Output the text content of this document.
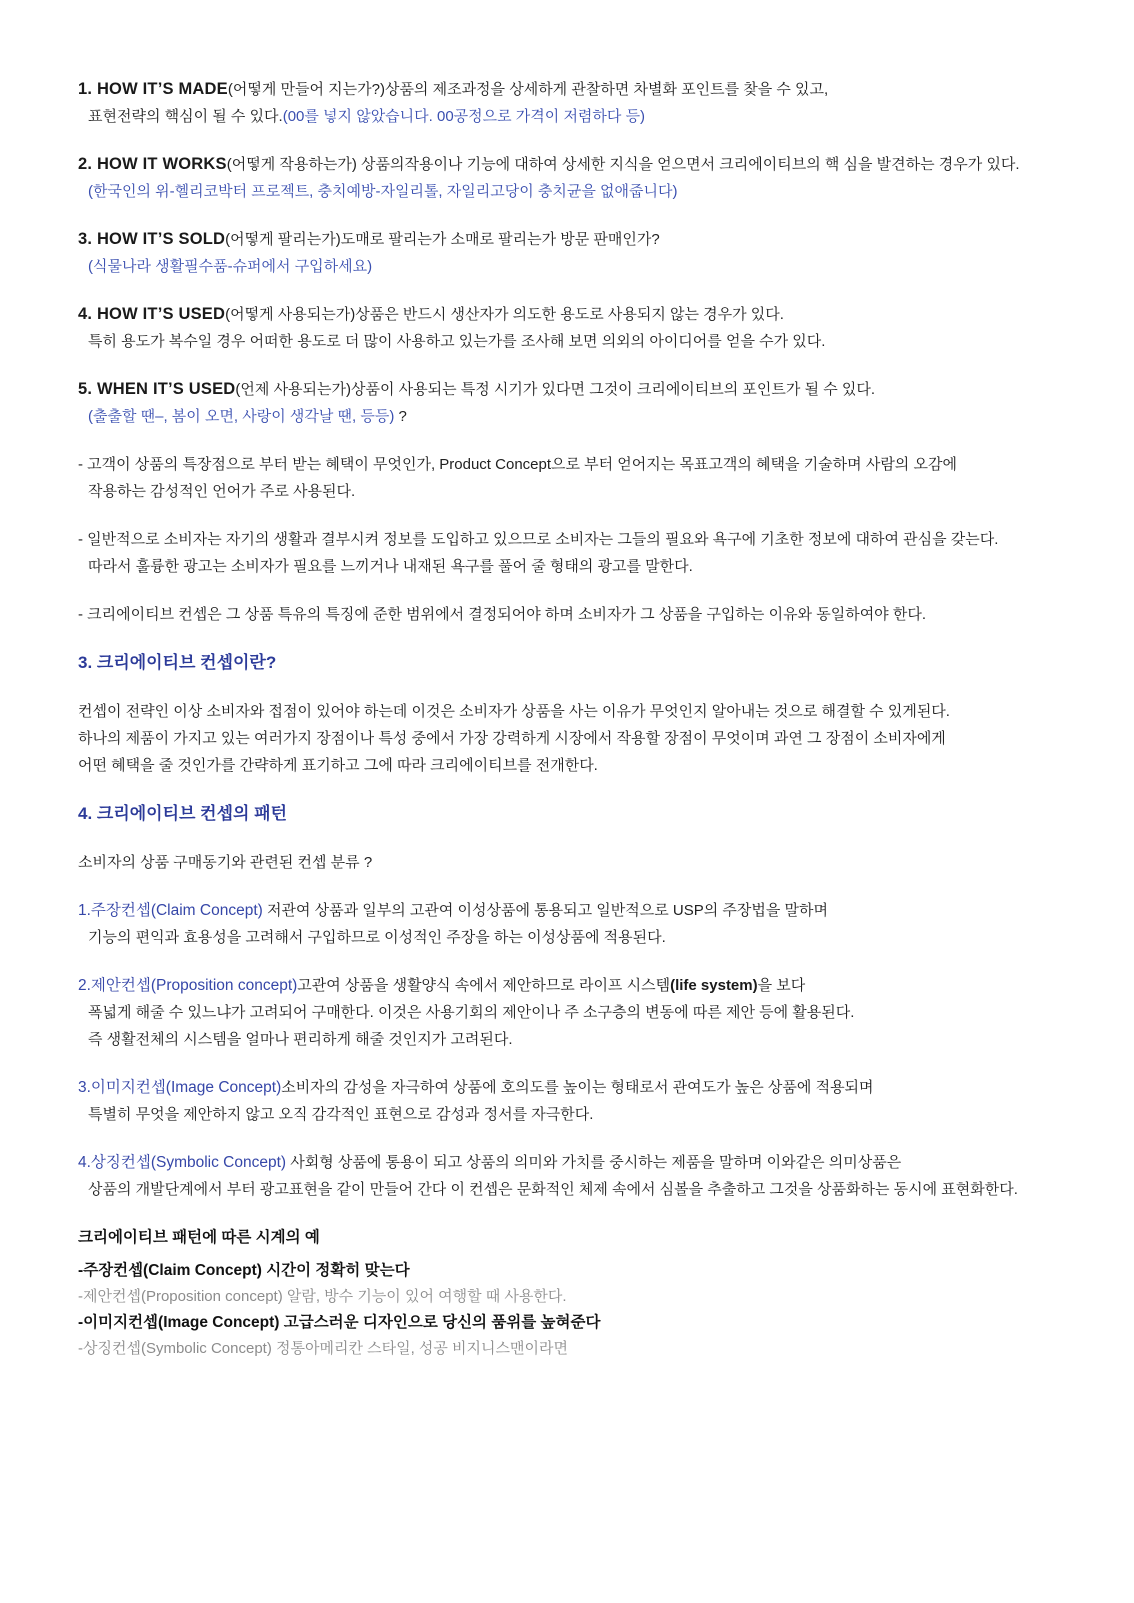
1. HOW IT’S MADE(어떻게 만들어 지는가?)상품의 제조과정을 상세하게 관찰하면 차별화 포인트를 찾을 수 있고,
표현전략의 핵심이 될 수 있다.(00를 넣지 않았습니다. 00공정으로 가격이 저렴하다 등)
2. HOW IT WORKS(어떻게 작용하는가) 상품의작용이나 기능에 대하여 상세한 지식을 얻으면서 크리에이티브의 핵 심을 발견하는 경우가 있다.
(한국인의 위-헬리코박터 프로젝트, 충치예방-자일리톨, 자일리고당이 충치균을 없애줍니다)
3. HOW IT’S SOLD(어떻게 팔리는가)도매로 팔리는가 소매로 팔리는가 방문 판매인가?
(식물나라 생활필수품-슈퍼에서 구입하세요)
4. HOW IT’S USED(어떻게 사용되는가)상품은 반드시 생산자가 의도한 용도로 사용되지 않는 경우가 있다.
특히 용도가 복수일 경우 어떠한 용도로 더 많이 사용하고 있는가를 조사해 보면 의외의 아이디어를 얻을 수가 있다.
5. WHEN IT’S USED(언제 사용되는가)상품이 사용되는 특정 시기가 있다면 그것이 크리에이티브의 포인트가 될 수 있다.
(출출할 땐–, 봄이 오면, 사랑이 생각날 땐, 등등) ?
- 고객이 상품의 특장점으로 부터 받는 혜택이 무엇인가, Product Concept으로 부터 얻어지는 목표고객의 혜택을 기술하며 사람의 오감에
작용하는 감성적인 언어가 주로 사용된다.
- 일반적으로 소비자는 자기의 생활과 결부시켜 정보를 도입하고 있으므로 소비자는 그들의 필요와 욕구에 기초한 정보에 대하여 관심을 갖는다.
따라서 훌륭한 광고는 소비자가 필요를 느끼거나 내재된 욕구를 풀어 줄 형태의 광고를 말한다.
- 크리에이티브 컨셉은 그 상품 특유의 특징에 준한 범위에서 결정되어야 하며 소비자가 그 상품을 구입하는 이유와 동일하여야 한다.
3. 크리에이티브 컨셉이란?
컨셉이 전략인 이상 소비자와 접점이 있어야 하는데 이것은 소비자가 상품을 사는 이유가 무엇인지 알아내는 것으로 해결할 수 있게된다.
하나의 제품이 가지고 있는 여러가지 장점이나 특성 중에서 가장 강력하게 시장에서 작용할 장점이 무엇이며 과연 그 장점이 소비자에게
어떤 혜택을 줄 것인가를 간략하게 표기하고 그에 따라 크리에이티브를 전개한다.
4. 크리에이티브 컨셉의 패턴
소비자의 상품 구매동기와 관련된 컨셉 분류 ?
1.주장컨셉(Claim Concept) 저관여 상품과 일부의 고관여 이성상품에 통용되고 일반적으로 USP의 주장법을 말하며
기능의 편익과 효용성을 고려해서 구입하므로 이성적인 주장을 하는 이성상품에 적용된다.
2.제안컨셉(Proposition concept)고관여 상품을 생활양식 속에서 제안하므로 라이프 시스템(life system)을 보다
폭넓게 해줄 수 있느냐가 고려되어 구매한다. 이것은 사용기회의 제안이나 주 소구층의 변동에 따른 제안 등에 활용된다.
즉 생활전체의 시스템을 얼마나 편리하게 해줄 것인지가 고려된다.
3.이미지컨셉(Image Concept)소비자의 감성을 자극하여 상품에 호의도를 높이는 형태로서 관여도가 높은 상품에 적용되며
특별히 무엇을 제안하지 않고 오직 감각적인 표현으로 감성과 정서를 자극한다.
4.상징컨셉(Symbolic Concept) 사회형 상품에 통용이 되고 상품의 의미와 가치를 중시하는 제품을 말하며 이와같은 의미상품은
상품의 개발단계에서 부터 광고표현을 같이 만들어 간다 이 컨셉은 문화적인 체제 속에서 심볼을 추출하고 그것을 상품화하는 동시에 표현화한다.
크리에이티브 패턴에 따른 시계의 예
-주장컨셉(Claim Concept) 시간이 정확히 맞는다
-제안컨셉(Proposition concept) 알람, 방수 기능이 있어 여행할 때 사용한다.
-이미지컨셉(Image Concept) 고급스러운 디자인으로 당신의 품위를 높혀준다
-상징컨셉(Symbolic Concept) 정통아메리칸 스타일, 성공 비지니스맨이라면
